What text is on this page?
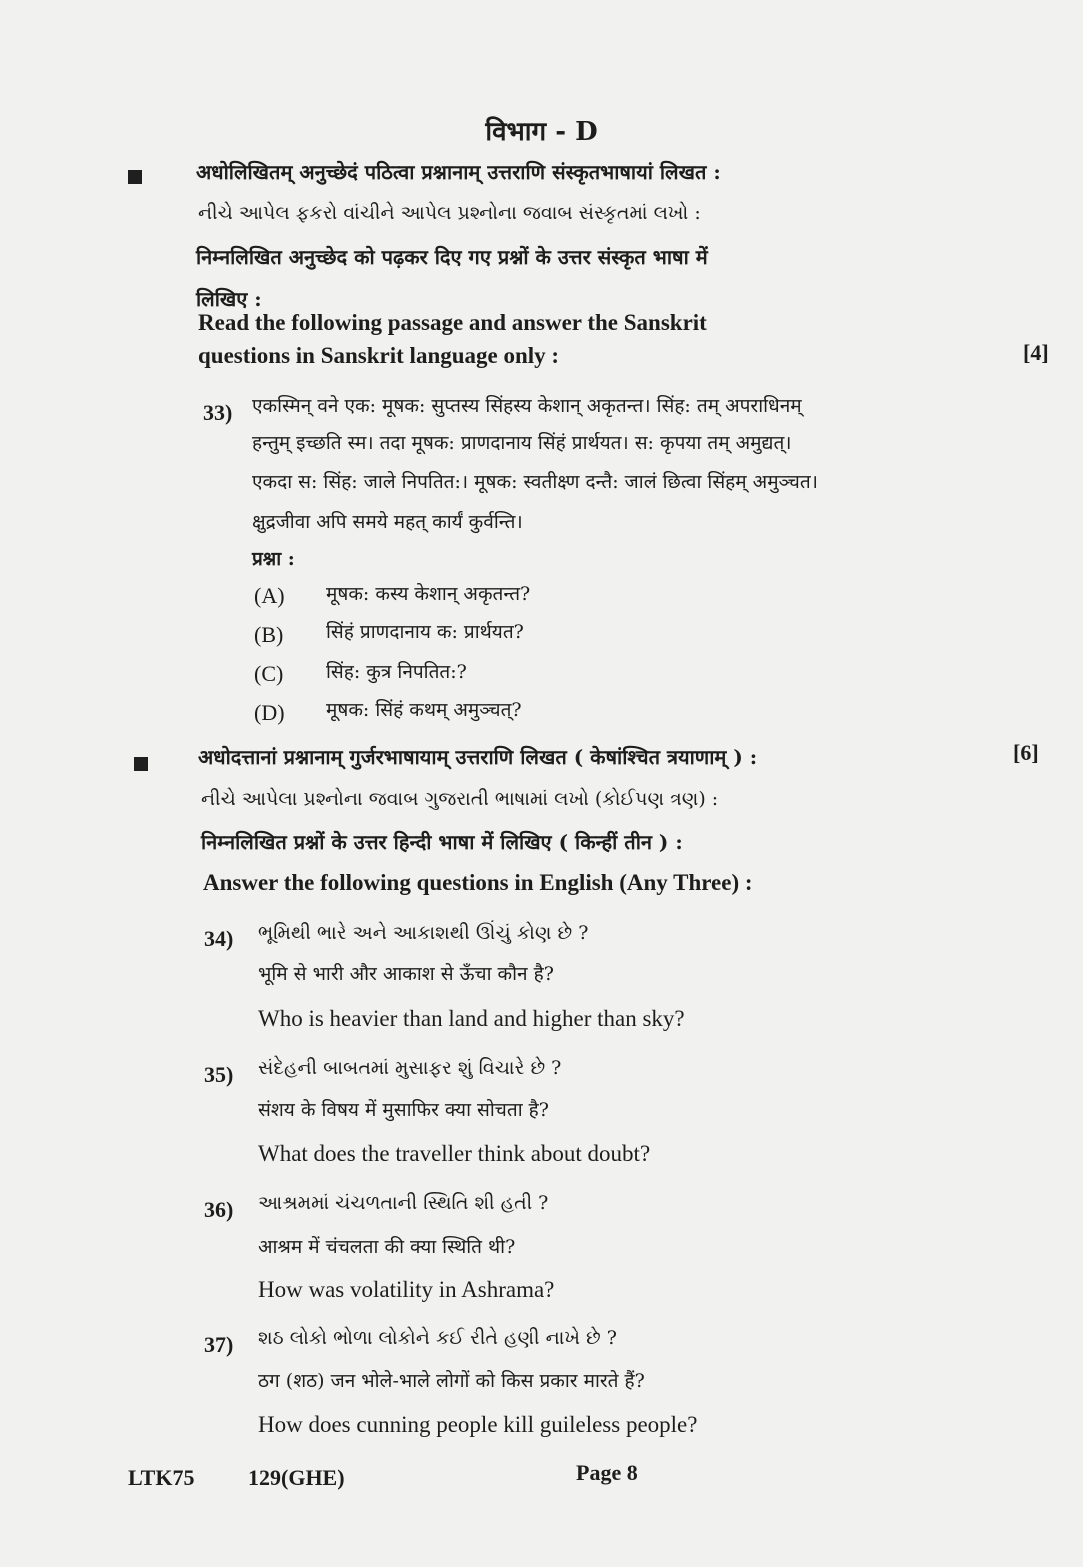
विभाग - D
अधोलिखितम् अनुच्छेदं पठित्वा प्रश्नानाम् उत्तराणि संस्कृतभाषायां लिखत :
નીચે આપેલ ફકરો વાંચીને આપેલ પ્રશ્નોના જવાબ સંસ્કૃતમાં લખો :
निम्नलिखित अनुच्छेद को पढ़कर दिए गए प्रश्नों के उत्तर संस्कृत भाषा में
लिखिए :
Read the following passage and answer the Sanskrit
questions in Sanskrit language only :	[4]
33) एकस्मिन् वने एक: मूषक: सुप्तस्य सिंहस्य केशान् अकृतन्त। सिंह: तम् अपराधिनम्
हन्तुम् इच्छति स्म। तदा मूषक: प्राणदानाय सिंहं प्रार्थयत। स: कृपया तम् अमुद्यत्।
एकदा स: सिंह: जाले निपतित:। मूषक: स्वतीक्ष्ण दन्तै: जालं छित्वा सिंहम् अमुञ्चत।
क्षुद्रजीवा अपि समये महत् कार्यं कुर्वन्ति।
प्रश्ना :
(A) मूषक: कस्य केशान् अकृतन्त?
(B) सिंहं प्राणदानाय क: प्रार्थयत?
(C) सिंह: कुत्र निपतित:?
(D) मूषक: सिंहं कथम् अमुञ्चत्?
अधोदत्तानां प्रश्नानाम् गुर्जरभाषायाम् उत्तराणि लिखत ( केषांश्चित त्रयाणाम् ) :	[6]
નીચે આપેલા પ્રશ્નોના જવાબ ગુજરાતી ભાષામાં લખો (કોઈપણ ત્રણ) :
निम्नलिखित प्रश्नों के उत्तर हिन्दी भाषा में लिखिए ( किन्हीं तीन ) :
Answer the following questions in English (Any Three) :
34) ભૂમિથી ભારે અને આકાશથી ઊંચું કોણ છે ?
भूमि से भारी और आकाश से ऊँचा कौन है?
Who is heavier than land and higher than sky?
35) સંદેહની બાબતમાં મુસાફર શું વિચારે છે ?
संशय के विषय में मुसाफिर क्या सोचता है?
What does the traveller think about doubt?
36) આશ્રમમાં ચંચળતાની સ્થિતિ શી હતી ?
आश्रम में चंचलता की क्या स्थिति थी?
How was volatility in Ashrama?
37) શઠ લોકો ભોળા લોકોને કઈ રીતે હણી નાખે છે ?
ठग (शठ) जन भोले-भाले लोगों को किस प्रकार मारते हैं?
How does cunning people kill guileless people?
LTK75 129(GHE)	Page 8
